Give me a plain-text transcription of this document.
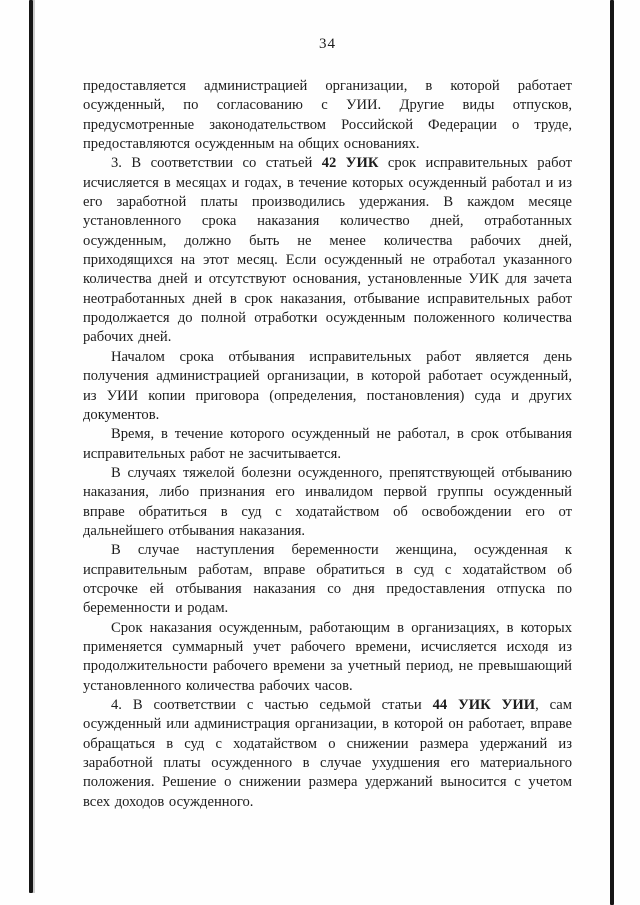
34

предоставляется администрацией организации, в которой работает осужденный, по согласованию с УИИ. Другие виды отпусков, предусмотренные законодательством Российской Федерации о труде, предоставляются осужденным на общих основаниях.

3. В соответствии со статьей 42 УИК срок исправительных работ исчисляется в месяцах и годах, в течение которых осужденный работал и из его заработной платы производились удержания. В каждом месяце установленного срока наказания количество дней, отработанных осужденным, должно быть не менее количества рабочих дней, приходящихся на этот месяц. Если осужденный не отработал указанного количества дней и отсутствуют основания, установленные УИК для зачета неотработанных дней в срок наказания, отбывание исправительных работ продолжается до полной отработки осужденным положенного количества рабочих дней.

Началом срока отбывания исправительных работ является день получения администрацией организации, в которой работает осужденный, из УИИ копии приговора (определения, постановления) суда и других документов.

Время, в течение которого осужденный не работал, в срок отбывания исправительных работ не засчитывается.

В случаях тяжелой болезни осужденного, препятствующей отбыванию наказания, либо признания его инвалидом первой группы осужденный вправе обратиться в суд с ходатайством об освобождении его от дальнейшего отбывания наказания.

В случае наступления беременности женщина, осужденная к исправительным работам, вправе обратиться в суд с ходатайством об отсрочке ей отбывания наказания со дня предоставления отпуска по беременности и родам.

Срок наказания осужденным, работающим в организациях, в которых применяется суммарный учет рабочего времени, исчисляется исходя из продолжительности рабочего времени за учетный период, не превышающий установленного количества рабочих часов.

4. В соответствии с частью седьмой статьи 44 УИК УИИ, сам осужденный или администрация организации, в которой он работает, вправе обращаться в суд с ходатайством о снижении размера удержаний из заработной платы осужденного в случае ухудшения его материального положения. Решение о снижении размера удержаний выносится с учетом всех доходов осужденного.
